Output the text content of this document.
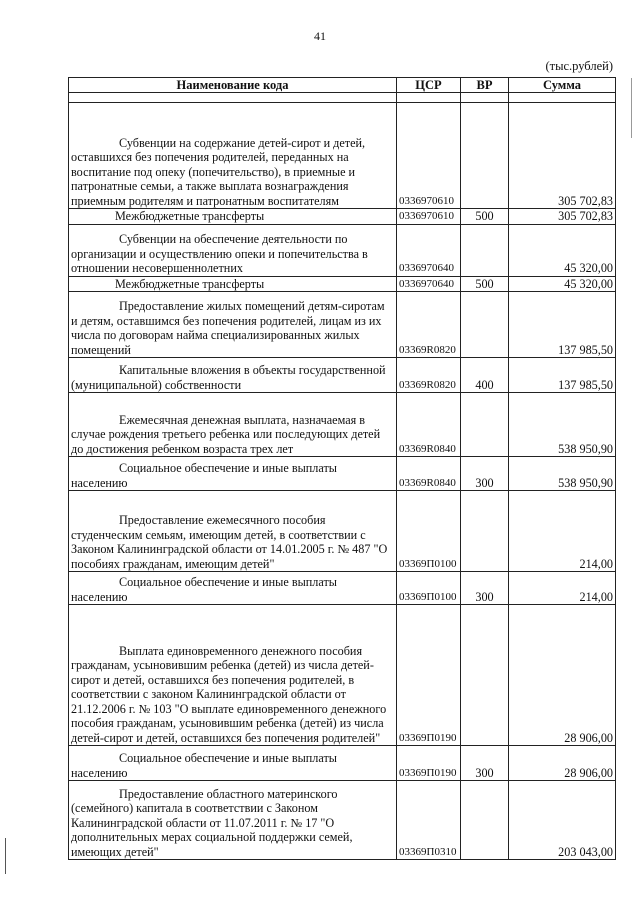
41
(тыс.рублей)
Наименование кода	ЦСР	ВР	Сумма

Субвенции на содержание детей-сирот и детей, оставшихся без попечения родителей, переданных на воспитание под опеку (попечительство), в приемные и патронатные семьи, а также выплата вознаграждения приемным родителям и патронатным воспитателям	0336970610		305 702,83
Межбюджетные трансферты	0336970610	500	305 702,83
Субвенции на обеспечение деятельности по организации и осуществлению опеки и попечительства в отношении несовершеннолетних	0336970640		45 320,00
Межбюджетные трансферты	0336970640	500	45 320,00
Предоставление жилых помещений детям-сиротам и детям, оставшимся без попечения родителей, лицам из их числа по договорам найма специализированных жилых помещений	03369R0820		137 985,50
Капитальные вложения в объекты государственной (муниципальной) собственности	03369R0820	400	137 985,50
Ежемесячная денежная выплата, назначаемая в случае рождения третьего ребенка или последующих детей до достижения ребенком возраста трех лет	03369R0840		538 950,90
Социальное обеспечение и иные выплаты населению	03369R0840	300	538 950,90
Предоставление ежемесячного пособия студенческим семьям, имеющим детей, в соответствии с Законом Калининградской области от 14.01.2005 г. № 487 "О пособиях гражданам, имеющим детей"	03369П0100		214,00
Социальное обеспечение и иные выплаты населению	03369П0100	300	214,00
Выплата единовременного денежного пособия гражданам, усыновившим ребенка (детей) из числа детей-сирот и детей, оставшихся без попечения родителей, в соответствии с законом Калининградской области от 21.12.2006 г. № 103 "О выплате единовременного денежного пособия гражданам, усыновившим ребенка (детей) из числа детей-сирот и детей, оставшихся без попечения родителей"	03369П0190		28 906,00
Социальное обеспечение и иные выплаты населению	03369П0190	300	28 906,00
Предоставление областного материнского (семейного) капитала в соответствии с Законом Калининградской области от 11.07.2011 г. № 17 "О дополнительных мерах социальной поддержки семей, имеющих детей"	03369П0310		203 043,00
